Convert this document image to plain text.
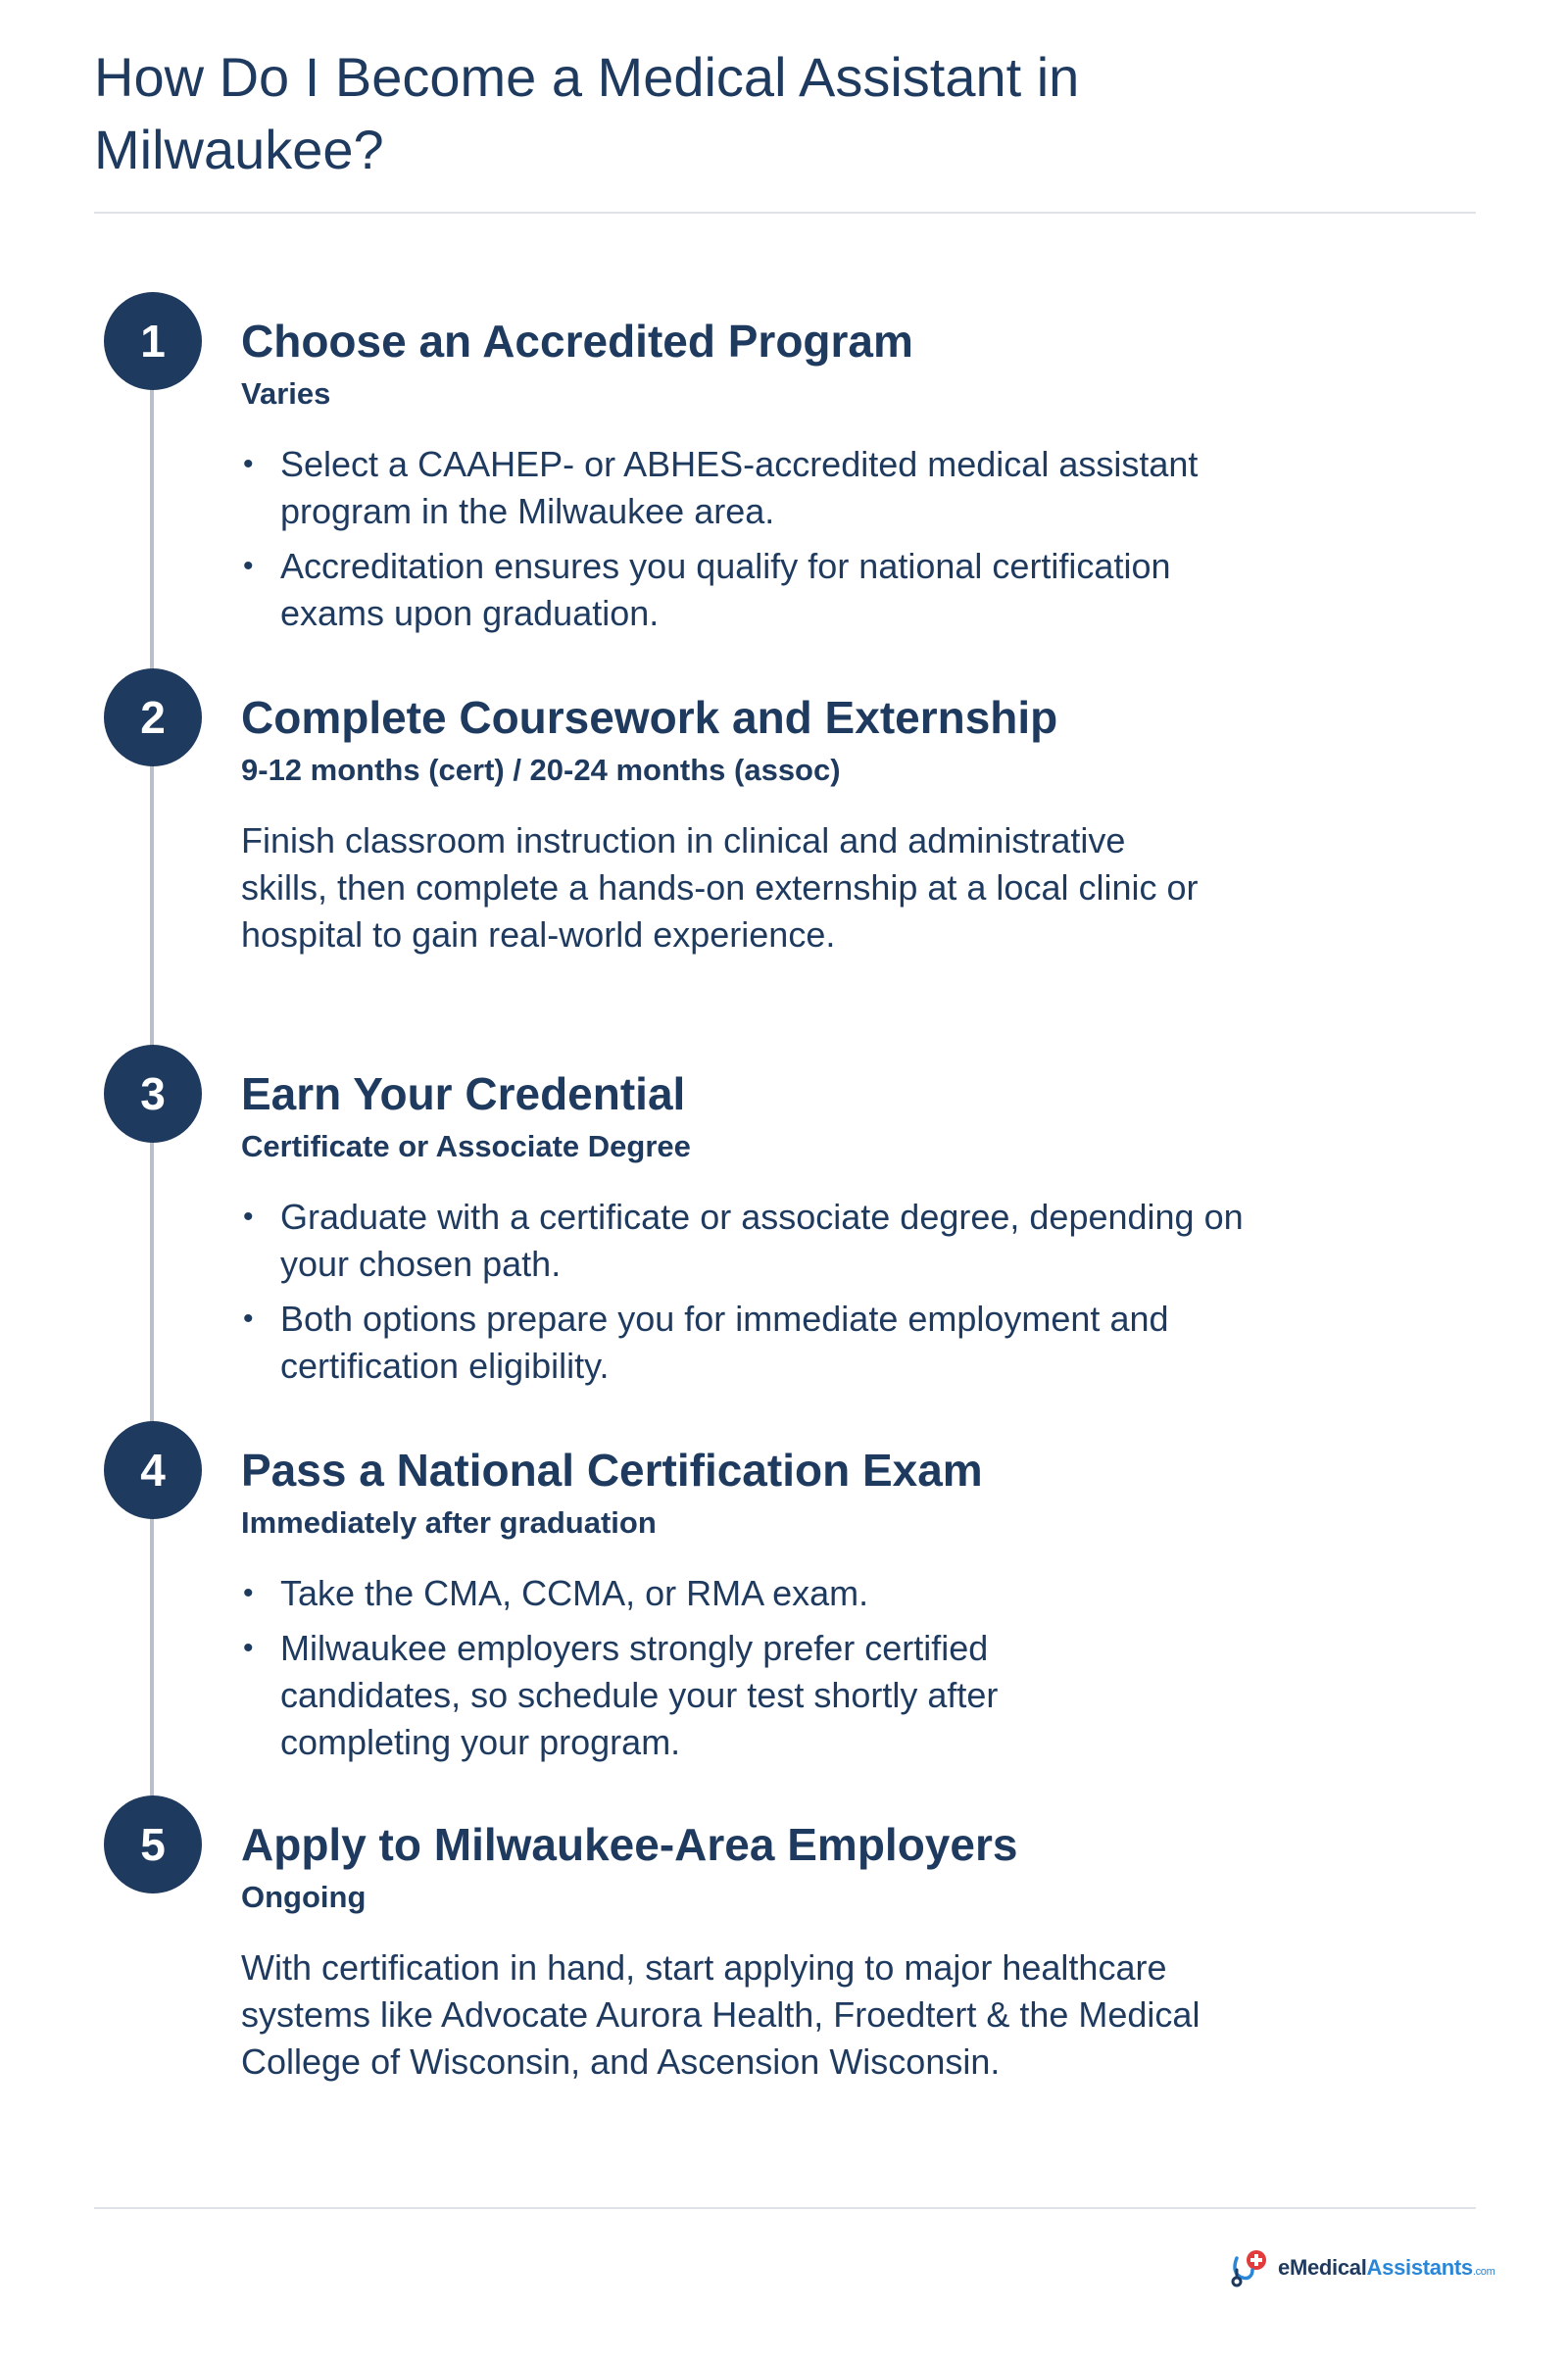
How Do I Become a Medical Assistant in Milwaukee?
1	Choose an Accredited Program

Varies

• Select a CAAHEP- or ABHES-accredited medical assistant program in the Milwaukee area.
• Accreditation ensures you qualify for national certification exams upon graduation.
2	Complete Coursework and Externship

9-12 months (cert) / 20-24 months (assoc)

Finish classroom instruction in clinical and administrative skills, then complete a hands-on externship at a local clinic or hospital to gain real-world experience.

3	Earn Your Credential

Certificate or Associate Degree

• Graduate with a certificate or associate degree, depending on your chosen path.
• Both options prepare you for immediate employment and certification eligibility.
4	Pass a National Certification Exam

Immediately after graduation

• Take the CMA, CCMA, or RMA exam.
• Milwaukee employers strongly prefer certified candidates, so schedule your test shortly after completing your program.
5	Apply to Milwaukee-Area Employers

Ongoing

With certification in hand, start applying to major healthcare systems like Advocate Aurora Health, Froedtert & the Medical College of Wisconsin, and Ascension Wisconsin.

eMedicalAssistants.com
